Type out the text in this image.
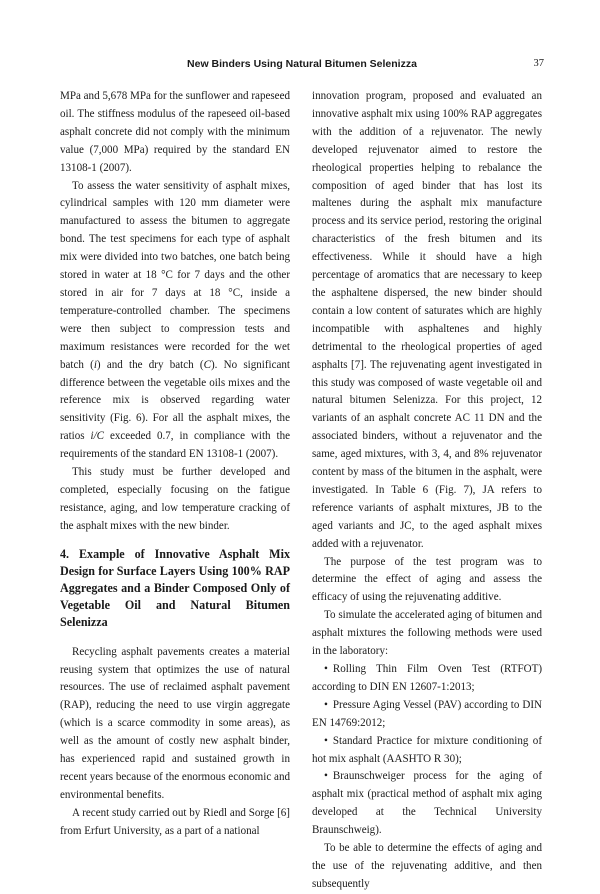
New Binders Using Natural Bitumen Selenizza	37

MPa and 5,678 MPa for the sunflower and rapeseed oil. The stiffness modulus of the rapeseed oil-based asphalt concrete did not comply with the minimum value (7,000 MPa) required by the standard EN 13108-1 (2007).

To assess the water sensitivity of asphalt mixes, cylindrical samples with 120 mm diameter were manufactured to assess the bitumen to aggregate bond. The test specimens for each type of asphalt mix were divided into two batches, one batch being stored in water at 18 °C for 7 days and the other stored in air for 7 days at 18 °C, inside a temperature-controlled chamber. The specimens were then subject to compression tests and maximum resistances were recorded for the wet batch (i) and the dry batch (C). No significant difference between the vegetable oils mixes and the reference mix is observed regarding water sensitivity (Fig. 6). For all the asphalt mixes, the ratios i/C exceeded 0.7, in compliance with the requirements of the standard EN 13108-1 (2007).

This study must be further developed and completed, especially focusing on the fatigue resistance, aging, and low temperature cracking of the asphalt mixes with the new binder.

4. Example of Innovative Asphalt Mix Design for Surface Layers Using 100% RAP Aggregates and a Binder Composed Only of Vegetable Oil and Natural Bitumen Selenizza

Recycling asphalt pavements creates a material reusing system that optimizes the use of natural resources. The use of reclaimed asphalt pavement (RAP), reducing the need to use virgin aggregate (which is a scarce commodity in some areas), as well as the amount of costly new asphalt binder, has experienced rapid and sustained growth in recent years because of the enormous economic and environmental benefits.

A recent study carried out by Riedl and Sorge [6] from Erfurt University, as a part of a national

innovation program, proposed and evaluated an innovative asphalt mix using 100% RAP aggregates with the addition of a rejuvenator. The newly developed rejuvenator aimed to restore the rheological properties helping to rebalance the composition of aged binder that has lost its maltenes during the asphalt mix manufacture process and its service period, restoring the original characteristics of the fresh bitumen and its effectiveness. While it should have a high percentage of aromatics that are necessary to keep the asphaltene dispersed, the new binder should contain a low content of saturates which are highly incompatible with asphaltenes and highly detrimental to the rheological properties of aged asphalts [7]. The rejuvenating agent investigated in this study was composed of waste vegetable oil and natural bitumen Selenizza. For this project, 12 variants of an asphalt concrete AC 11 DN and the associated binders, without a rejuvenator and the same, aged mixtures, with 3, 4, and 8% rejuvenator content by mass of the bitumen in the asphalt, were investigated. In Table 6 (Fig. 7), JA refers to reference variants of asphalt mixtures, JB to the aged variants and JC, to the aged asphalt mixes added with a rejuvenator.

The purpose of the test program was to determine the effect of aging and assess the efficacy of using the rejuvenating additive.

To simulate the accelerated aging of bitumen and asphalt mixtures the following methods were used in the laboratory:

• Rolling Thin Film Oven Test (RTFOT) according to DIN EN 12607-1:2013;
• Pressure Aging Vessel (PAV) according to DIN EN 14769:2012;
• Standard Practice for mixture conditioning of hot mix asphalt (AASHTO R 30);
• Braunschweiger process for the aging of asphalt mix (practical method of asphalt mix aging developed at the Technical University Braunschweig).

To be able to determine the effects of aging and the use of the rejuvenating additive, and then subsequently
